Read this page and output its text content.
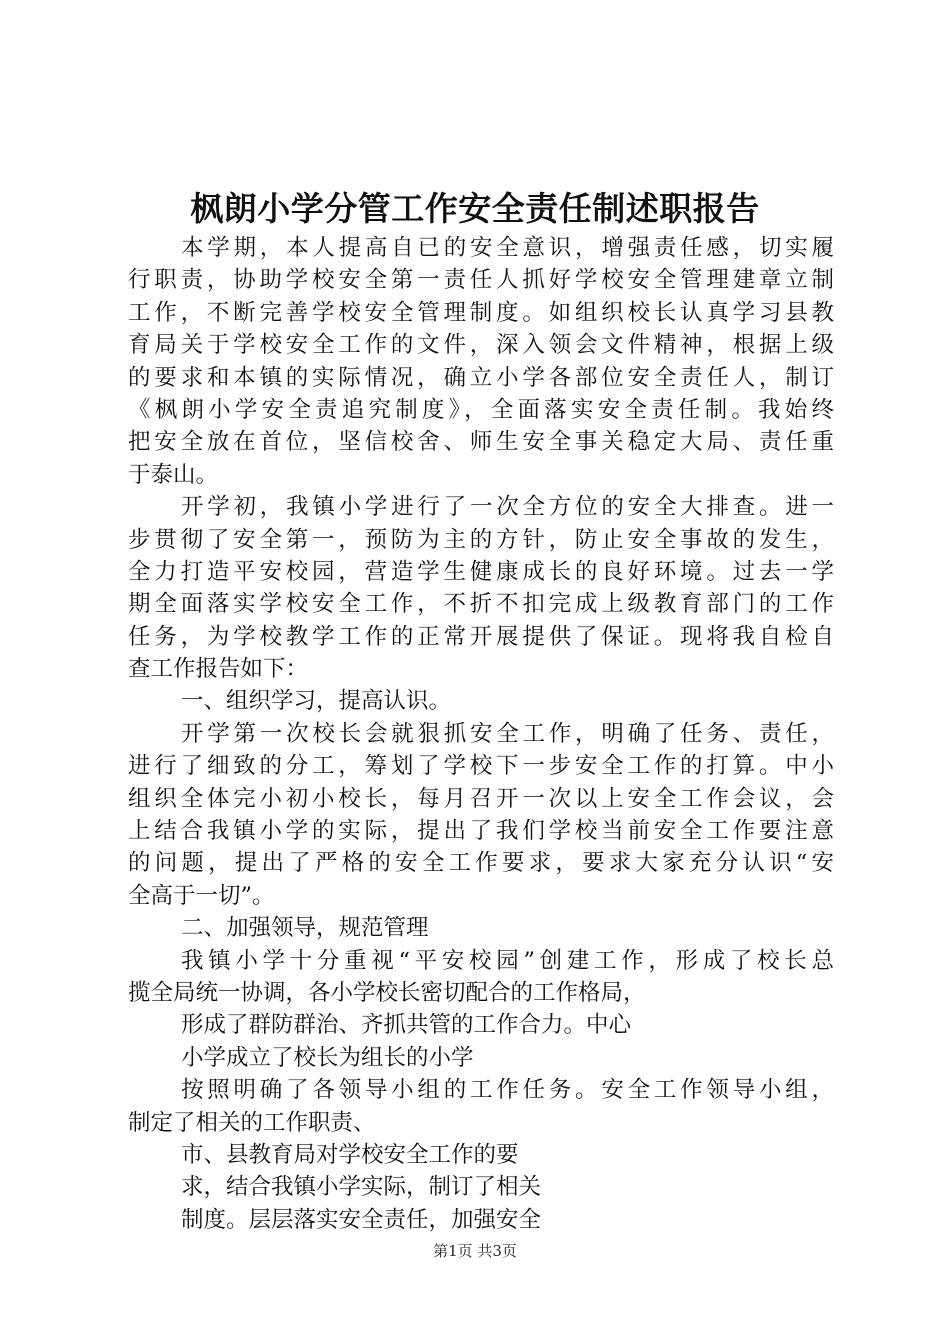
枫朗小学分管工作安全责任制述职报告
本学期，本人提高自已的安全意识，增强责任感，切实履
行职责，协助学校安全第一责任人抓好学校安全管理建章立制
工作，不断完善学校安全管理制度。如组织校长认真学习县教
育局关于学校安全工作的文件，深入领会文件精神，根据上级
的要求和本镇的实际情况，确立小学各部位安全责任人，制订
《枫朗小学安全责追究制度》，全面落实安全责任制。我始终
把安全放在首位，坚信校舍、师生安全事关稳定大局、责任重
于泰山。
开学初，我镇小学进行了一次全方位的安全大排查。进一
步贯彻了安全第一，预防为主的方针，防止安全事故的发生，
全力打造平安校园，营造学生健康成长的良好环境。过去一学
期全面落实学校安全工作，不折不扣完成上级教育部门的工作
任务，为学校教学工作的正常开展提供了保证。现将我自检自
查工作报告如下：
一、组织学习，提高认识。
开学第一次校长会就狠抓安全工作，明确了任务、责任，
进行了细致的分工，筹划了学校下一步安全工作的打算。中小
组织全体完小初小校长，每月召开一次以上安全工作会议，会
上结合我镇小学的实际，提出了我们学校当前安全工作要注意
的问题，提出了严格的安全工作要求，要求大家充分认识“安
全高于一切”。
二、加强领导，规范管理
我镇小学十分重视“平安校园”创建工作，形成了校长总
揽全局统一协调，各小学校长密切配合的工作格局，
形成了群防群治、齐抓共管的工作合力。中心
小学成立了校长为组长的小学
按照明确了各领导小组的工作任务。安全工作领导小组，
制定了相关的工作职责、
市、县教育局对学校安全工作的要
求，结合我镇小学实际，制订了相关
制度。层层落实安全责任，加强安全
第1页 共3页
